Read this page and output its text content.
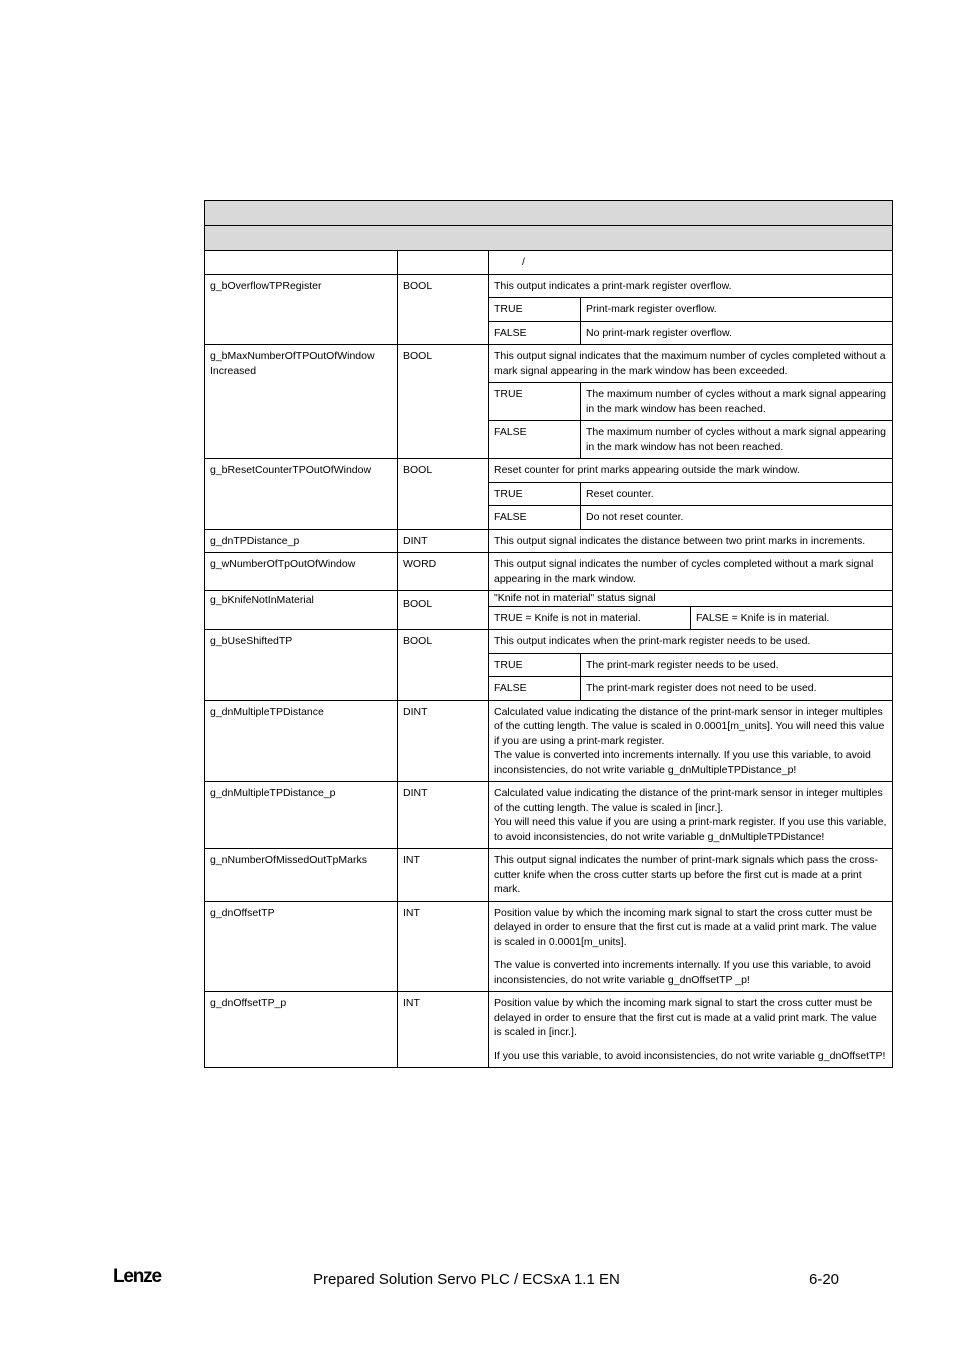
		/
g_bOverflowTPRegister	BOOL	This output indicates a print-mark register overflow.
TRUE	Print-mark register overflow.
FALSE	No print-mark register overflow.

g_bMaxNumberOfTPOutOfWindow Increased	BOOL	This output signal indicates that the maximum number of cycles completed without a mark signal appearing in the mark window has been exceeded.
TRUE	The maximum number of cycles without a mark signal appearing in the mark window has been reached.
FALSE	The maximum number of cycles without a mark signal appearing in the mark window has not been reached.

g_bResetCounterTPOutOfWindow	BOOL	Reset counter for print marks appearing outside the mark window.
TRUE	Reset counter.
FALSE	Do not reset counter.

g_dnTPDistance_p	DINT	This output signal indicates the distance between two print marks in increments.

g_wNumberOfTpOutOfWindow	WORD	This output signal indicates the number of cycles completed without a mark signal appearing in the mark window.

g_bKnifeNotInMaterial	BOOL	"Knife not in material" status signal
TRUE = Knife is not in material.	FALSE = Knife is in material.

g_bUseShiftedTP	BOOL	This output indicates when the print-mark register needs to be used.
TRUE	The print-mark register needs to be used.
FALSE	The print-mark register does not need to be used.

g_dnMultipleTPDistance	DINT	Calculated value indicating the distance of the print-mark sensor in integer multiples of the cutting length. The value is scaled in 0.0001[m_units]. You will need this value if you are using a print-mark register.
The value is converted into increments internally. If you use this variable, to avoid inconsistencies, do not write variable g_dnMultipleTPDistance_p!

g_dnMultipleTPDistance_p	DINT	Calculated value indicating the distance of the print-mark sensor in integer multiples of the cutting length. The value is scaled in [incr.].
You will need this value if you are using a print-mark register. If you use this variable, to avoid inconsistencies, do not write variable g_dnMultipleTPDistance!

g_nNumberOfMissedOutTpMarks	INT	This output signal indicates the number of print-mark signals which pass the cross-cutter knife when the cross cutter starts up before the first cut is made at a print mark.

g_dnOffsetTP	INT	Position value by which the incoming mark signal to start the cross cutter must be delayed in order to ensure that the first cut is made at a valid print mark. The value is scaled in 0.0001[m_units].
The value is converted into increments internally. If you use this variable, to avoid inconsistencies, do not write variable g_dnOffsetTP _p!

g_dnOffsetTP_p	INT	Position value by which the incoming mark signal to start the cross cutter must be delayed in order to ensure that the first cut is made at a valid print mark. The value is scaled in [incr.].
If you use this variable, to avoid inconsistencies, do not write variable g_dnOffsetTP!
Lenze	Prepared Solution Servo PLC / ECSxA 1.1 EN	6-20
